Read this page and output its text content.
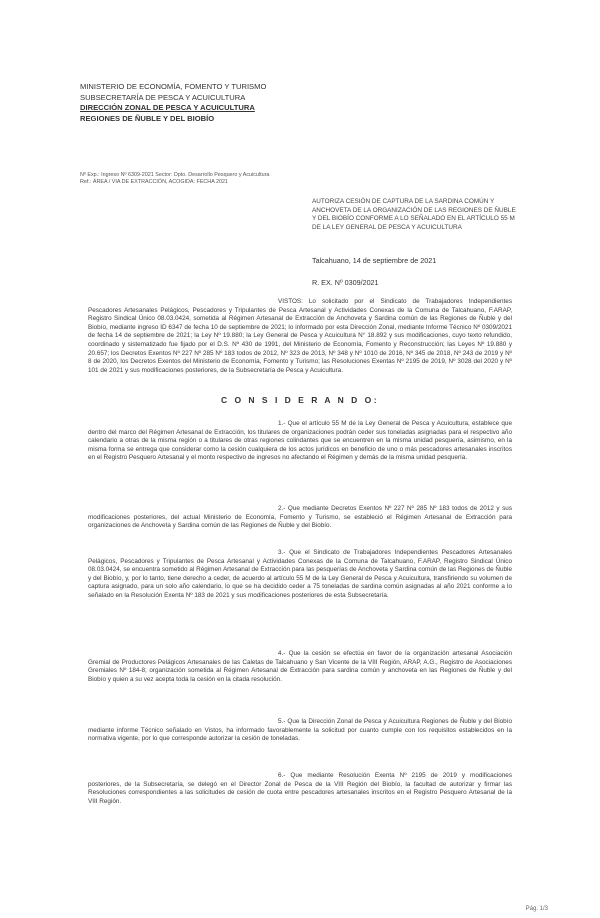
MINISTERIO DE ECONOMÍA, FOMENTO Y TURISMO
SUBSECRETARÍA DE PESCA Y ACUICULTURA
DIRECCIÓN ZONAL DE PESCA Y ACUICULTURA
REGIONES DE ÑUBLE Y DEL BIOBÍO
Nº Exp.: Ingreso Nº 6309-2021 Sector: Dpto. Desarrollo Pesquero y Acuicultura
Ref.: ÁREA / VIA DE EXTRACCIÓN, ACOGIDA: FECHA 2021
AUTORIZA CESIÓN DE CAPTURA DE LA SARDINA COMÚN Y ANCHOVETA DE LA ORGANIZACIÓN DE LAS REGIONES DE ÑUBLE Y DEL BIOBÍO CONFORME A LO SEÑALADO EN EL ARTÍCULO 55 M DE LA LEY GENERAL DE PESCA Y ACUICULTURA
Talcahuano, 14 de septiembre de 2021
R. EX. Nº 0309/2021
VISTOS: Lo solicitado por el Sindicato de Trabajadores Independientes Pescadores Artesanales Pelágicos, Pescadores y Tripulantes de Pesca Artesanal y Actividades Conexas de la Comuna de Talcahuano, F.ARAP, Registro Sindical Único 08.03.0424, sometida al Régimen Artesanal de Extracción de Anchoveta y Sardina común de las Regiones de Ñuble y del Biobío, mediante ingreso ID 6347 de fecha 10 de septiembre de 2021; lo informado por esta Dirección Zonal, mediante Informe Técnico Nº 0309/2021 de fecha 14 de septiembre de 2021; la Ley Nº 19.880; la Ley General de Pesca y Acuicultura N° 18.892 y sus modificaciones, cuyo texto refundido, coordinado y sistematizado fue fijado por el D.S. Nº 430 de 1991, del Ministerio de Economía, Fomento y Reconstrucción; las Leyes Nº 19.880 y 20.657; los Decretos Exentos Nº 227 Nº 285 Nº 183 todos de 2012, Nº 323 de 2013, Nº 348 y Nº 1010 de 2016, Nº 345 de 2018, Nº 243 de 2019 y Nº 8 de 2020, los Decretos Exentos del Ministerio de Economía, Fomento y Turismo; las Resoluciones Exentas Nº 2195 de 2019, Nº 3028 del 2020 y Nº 101 de 2021 y sus modificaciones posteriores, de la Subsecretaría de Pesca y Acuicultura.
C O N S I D E R A N D O:
1.- Que el artículo 55 M de la Ley General de Pesca y Acuicultura, establece que dentro del marco del Régimen Artesanal de Extracción, los titulares de organizaciones podrán ceder sus toneladas asignadas para el respectivo año calendario a otras de la misma región o a titulares de otras regiones colindantes que se encuentren en la misma unidad pesquería, asimismo, en la misma forma se entrega que considerar como la cesión cualquiera de los actos jurídicos en beneficio de uno o más pescadores artesanales inscritos en el Registro Pesquero Artesanal y el monto respectivo de ingresos no afectando el Régimen y demás de la misma unidad pesquería.
2.- Que mediante Decretos Exentos Nº 227 Nº 285 Nº 183 todos de 2012 y sus modificaciones posteriores, del actual Ministerio de Economía, Fomento y Turismo, se estableció el Régimen Artesanal de Extracción para organizaciones de Anchoveta y Sardina común de las Regiones de Ñuble y del Biobío.
3.- Que el Sindicato de Trabajadores Independientes Pescadores Artesanales Pelágicos, Pescadores y Tripulantes de Pesca Artesanal y Actividades Conexas de la Comuna de Talcahuano, F.ARAP, Registro Sindical Único 08.03.0424, se encuentra sometido al Régimen Artesanal de Extracción para las pesquerías de Anchoveta y Sardina común de las Regiones de Ñuble y del Biobío, y, por lo tanto, tiene derecho a ceder, de acuerdo al artículo 55 M de la Ley General de Pesca y Acuicultura, transfiriendo su volumen de captura asignado, para un solo año calendario, lo que se ha decidido ceder a 75 toneladas de sardina común asignadas al año 2021 conforme a lo señalado en la Resolución Exenta Nº 183 de 2021 y sus modificaciones posteriores de esta Subsecretaría.
4.- Que la cesión se efectúa en favor de la organización artesanal Asociación Gremial de Productores Pelágicos Artesanales de las Caletas de Talcahuano y San Vicente de la VIII Región, ARAP, A.G., Registro de Asociaciones Gremiales Nº 184-8; organización sometida al Régimen Artesanal de Extracción para sardina común y anchoveta en las Regiones de Ñuble y del Biobío y quien a su vez acepta toda la cesión en la citada resolución.
5.- Que la Dirección Zonal de Pesca y Acuicultura Regiones de Ñuble y del Biobío mediante informe Técnico señalado en Vistos, ha informado favorablemente la solicitud por cuanto cumple con los requisitos establecidos en la normativa vigente, por lo que corresponde autorizar la cesión de toneladas.
6.- Que mediante Resolución Exenta Nº 2195 de 2019 y modificaciones posteriores, de la Subsecretaría, se delegó en el Director Zonal de Pesca de la VIII Región del Biobío, la facultad de autorizar y firmar las Resoluciones correspondientes a las solicitudes de cesión de cuota entre pescadores artesanales inscritos en el Registro Pesquero Artesanal de la VIII Región.
Pág. 1/3
